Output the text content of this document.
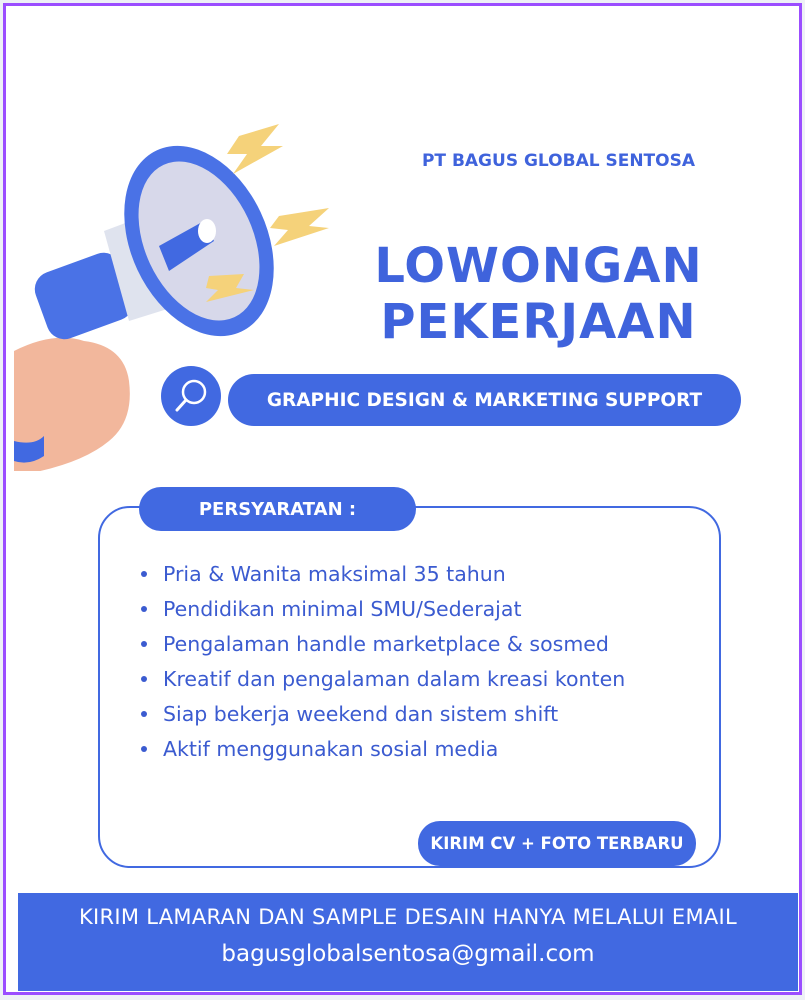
PT BAGUS GLOBAL SENTOSA
LOWONGAN
PEKERJAAN
GRAPHIC DESIGN & MARKETING SUPPORT
PERSYARATAN :
Pria & Wanita maksimal 35 tahun
Pendidikan minimal SMU/Sederajat
Pengalaman handle marketplace & sosmed
Kreatif dan pengalaman dalam kreasi konten
Siap bekerja weekend dan sistem shift
Aktif menggunakan sosial media
KIRIM CV + FOTO TERBARU
KIRIM LAMARAN DAN SAMPLE DESAIN HANYA MELALUI EMAIL
bagusglobalsentosa@gmail.com
